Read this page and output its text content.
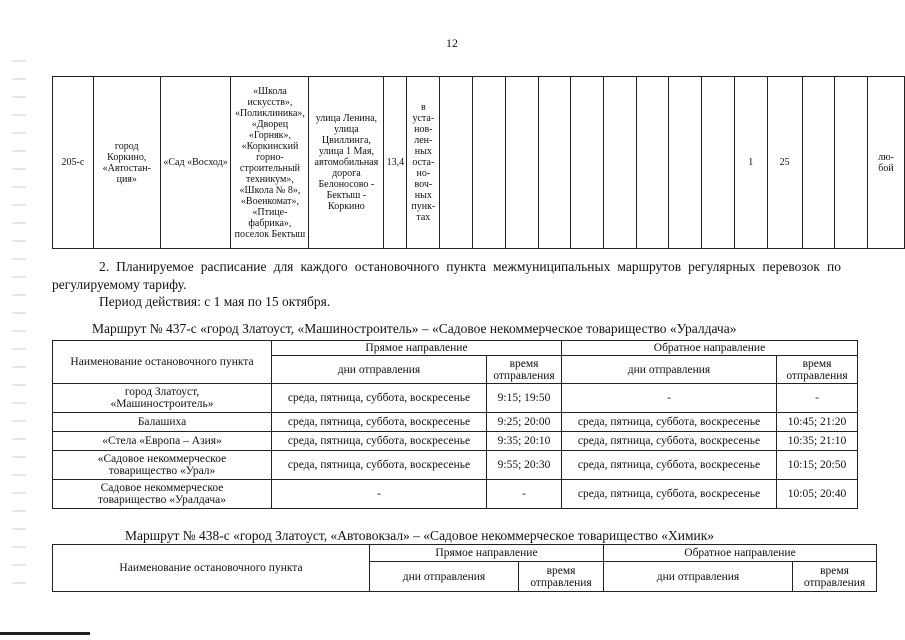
12
205-с	город
Коркино,
«Автостан-
ция»	«Сад «Восход»	«Школа
искусств»,
«Поликлиника»,
«Дворец
«Горняк»,
«Коркинский
горно-
строительный
техникум»,
«Школа № 8»,
«Военкомат»,
«Птице-
фабрика»,
поселок Бектыш	улица Ленина,
улица
Цвиллинга,
улица 1 Мая,
автомобильная
дорога
Белоносово -
Бектыш -
Коркино	13,4	в
уста-
нов-
лен-
ных
оста-
но-
воч-
ных
пунк-
тах										1	25			лю-
бой
2. Планируемое расписание для каждого остановочного пункта межмуниципальных маршрутов регулярных перевозок по регулируемому тарифу.
Период действия: с 1 мая по 15 октября.
Маршрут № 437-с «город Златоуст, «Машиностроитель» – «Садовое некоммерческое товарищество «Уралдача»
Наименование остановочного пункта	Прямое направление		Обратное направление	
	дни отправления	время отправления	дни отправления	время отправления
город Златоуст,
«Машиностроитель»	среда, пятница, суббота, воскресенье	9:15; 19:50	-	-
Балашиха	среда, пятница, суббота, воскресенье	9:25; 20:00	среда, пятница, суббота, воскресенье	10:45; 21:20
«Стела «Европа – Азия»	среда, пятница, суббота, воскресенье	9:35; 20:10	среда, пятница, суббота, воскресенье	10:35; 21:10
«Садовое некоммерческое
товарищество «Урал»	среда, пятница, суббота, воскресенье	9:55; 20:30	среда, пятница, суббота, воскресенье	10:15; 20:50
Садовое некоммерческое
товарищество «Уралдача»	-	-	среда, пятница, суббота, воскресенье	10:05; 20:40
Маршрут № 438-с «город Златоуст, «Автовокзал» – «Садовое некоммерческое товарищество «Химик»
Наименование остановочного пункта	Прямое направление		Обратное направление	
	дни отправления	время отправления	дни отправления	время отправления
